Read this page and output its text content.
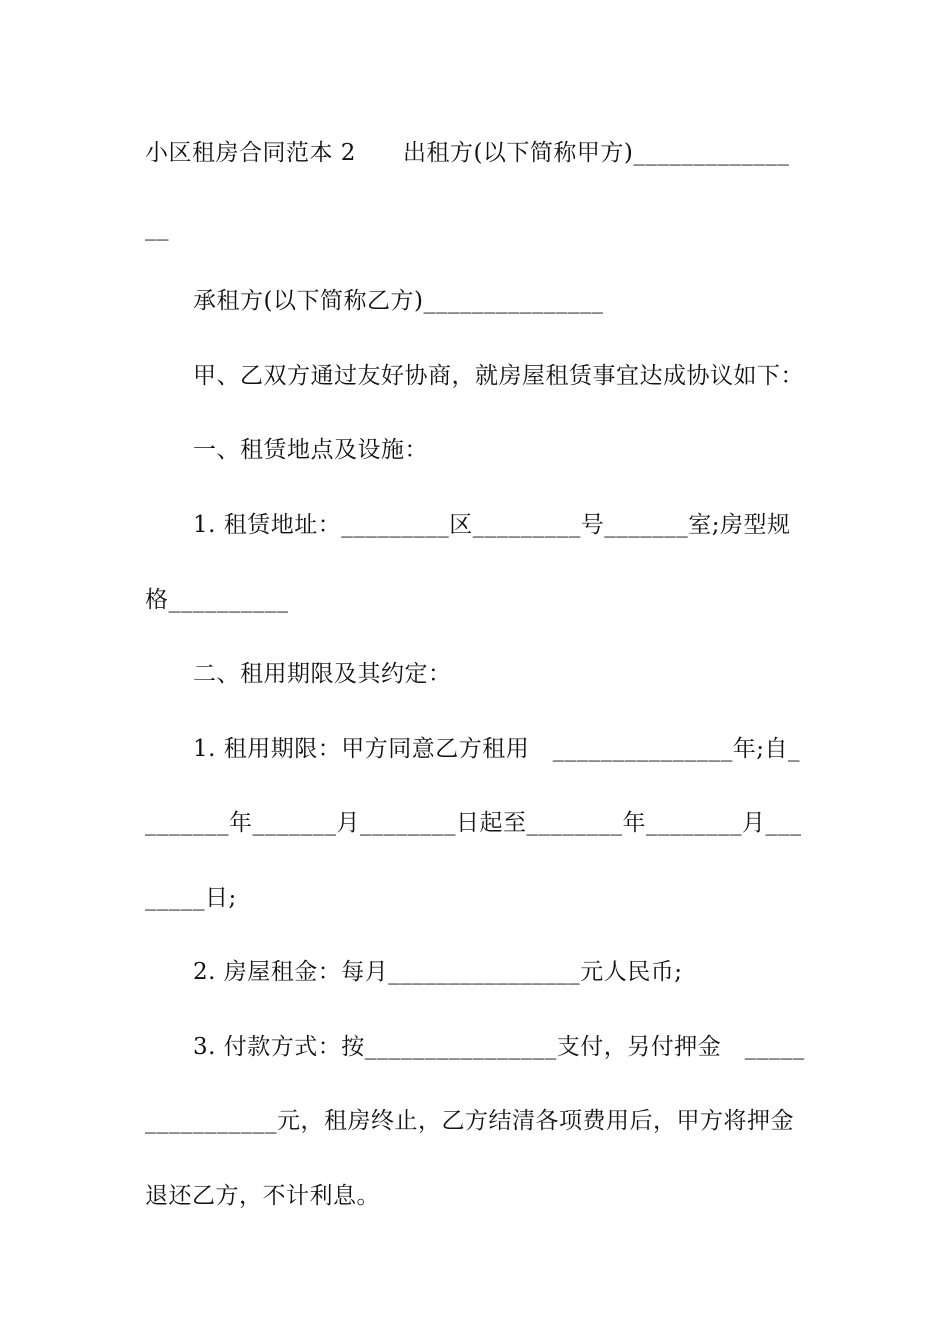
小区租房合同范本 2　　出租方(以下简称甲方)_____________
__
承租方(以下简称乙方)_______________
甲、乙双方通过友好协商，就房屋租赁事宜达成协议如下：
一、租赁地点及设施：
1. 租赁地址：_________区_________号_______室;房型规
格__________
二、租用期限及其约定：
1. 租用期限：甲方同意乙方租用　_______________年;自_
_______年_______月________日起至________年________月___
_____日;
2. 房屋租金：每月________________元人民币;
3. 付款方式：按________________支付，另付押金　_____
___________元，租房终止，乙方结清各项费用后，甲方将押金
退还乙方，不计利息。
